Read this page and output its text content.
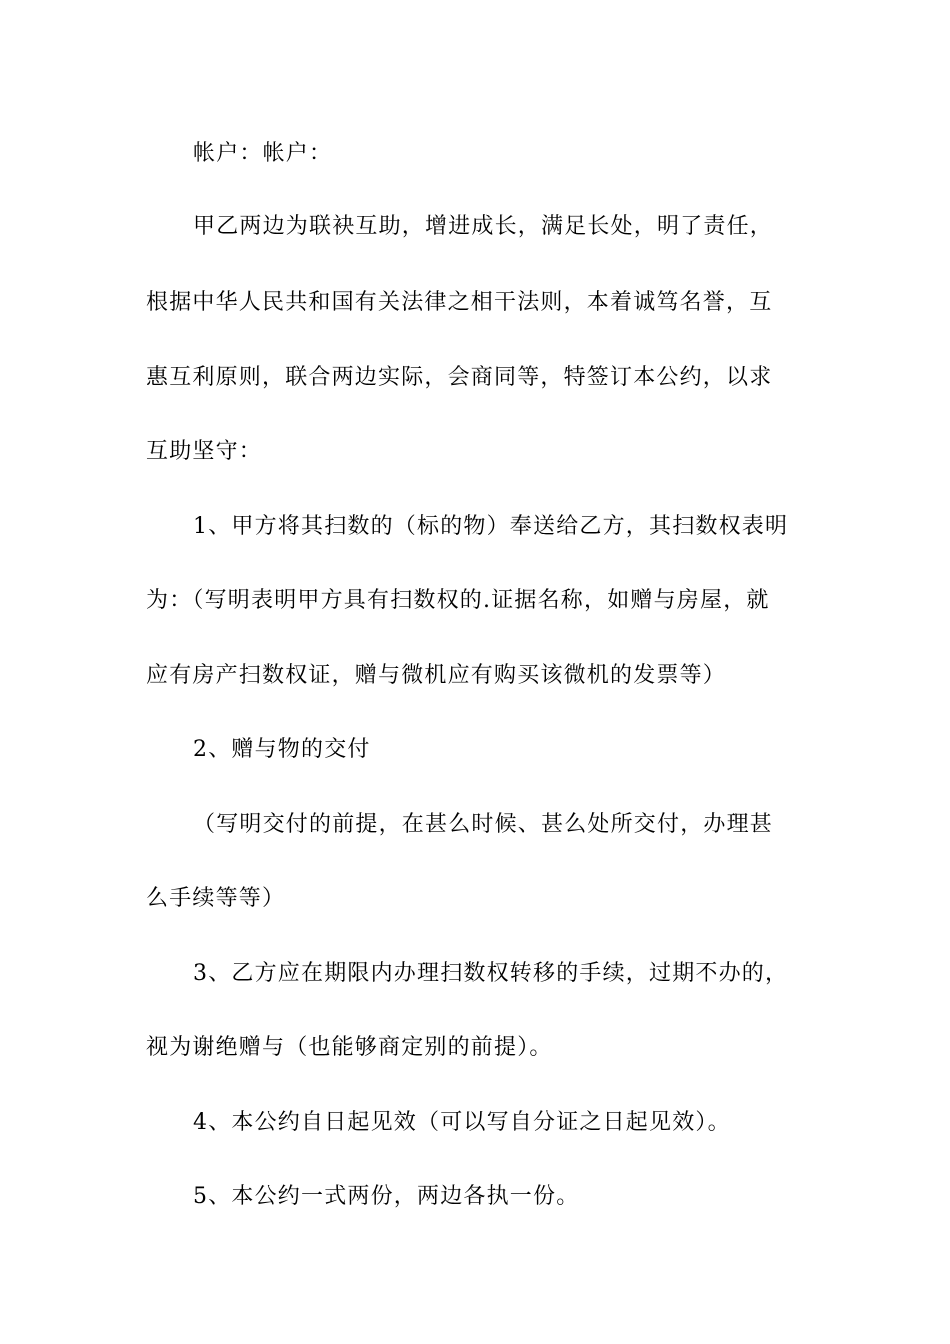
帐户：帐户：
甲乙两边为联袂互助，增进成长，满足长处，明了责任，
根据中华人民共和国有关法律之相干法则，本着诚笃名誉，互
惠互利原则，联合两边实际，会商同等，特签订本公约，以求
互助坚守：
1、甲方将其扫数的（标的物）奉送给乙方，其扫数权表明
为：（写明表明甲方具有扫数权的.证据名称，如赠与房屋，就
应有房产扫数权证，赠与微机应有购买该微机的发票等）
2、赠与物的交付
（写明交付的前提，在甚么时候、甚么处所交付，办理甚
么手续等等）
3、乙方应在期限内办理扫数权转移的手续，过期不办的，
视为谢绝赠与（也能够商定别的前提）。
4、本公约自日起见效（可以写自分证之日起见效）。
5、本公约一式两份，两边各执一份。
